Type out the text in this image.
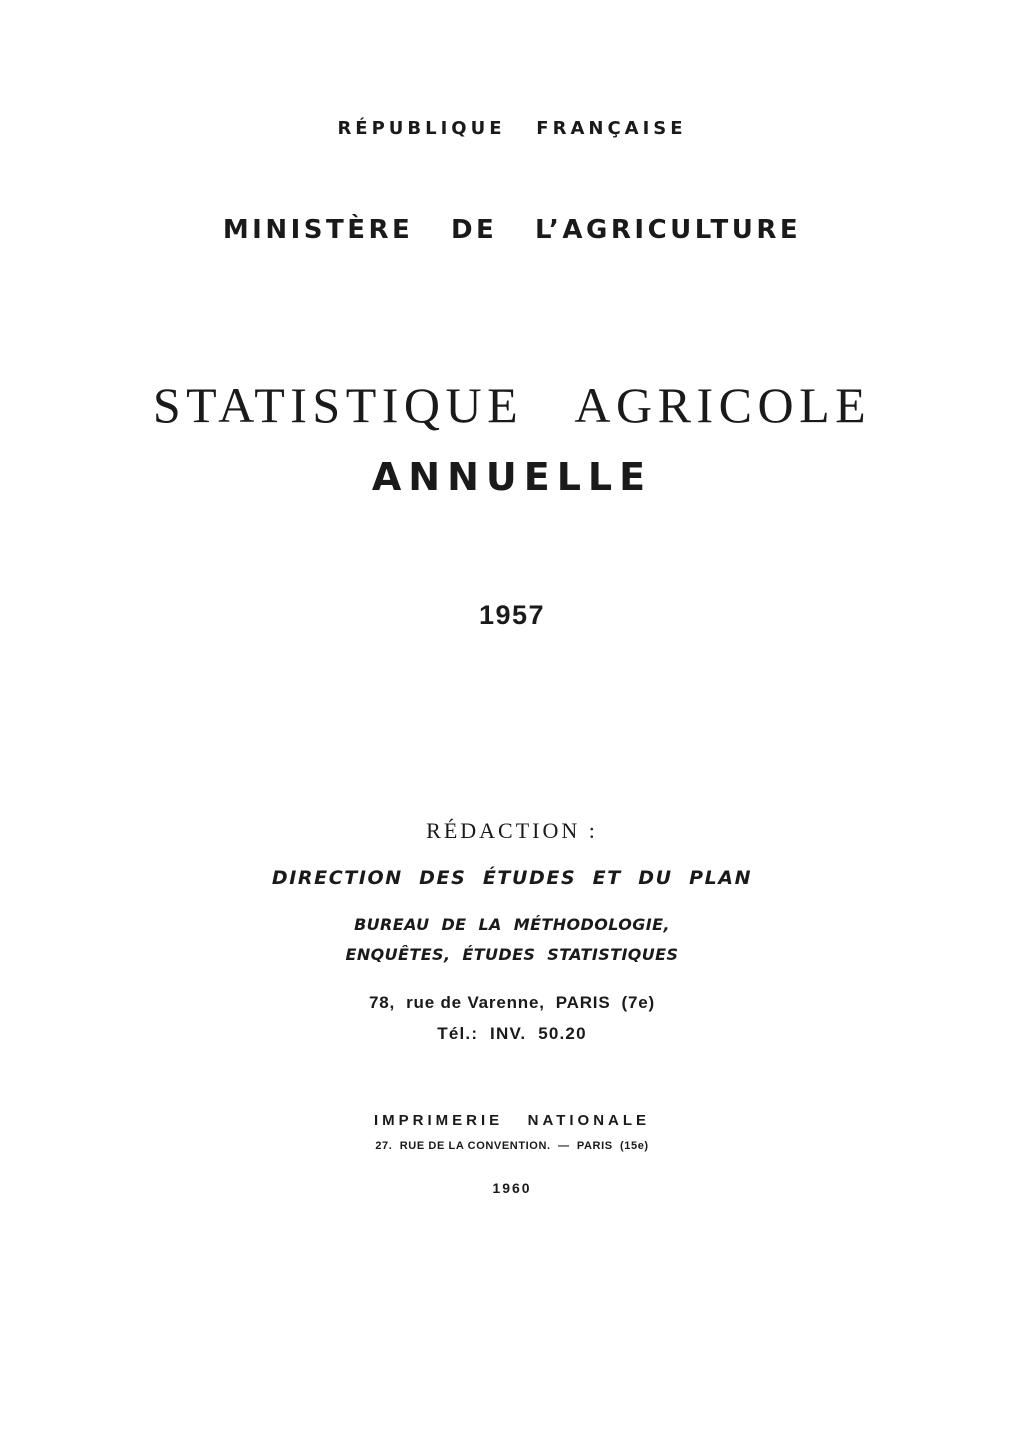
RÉPUBLIQUE   FRANÇAISE
MINISTÈRE   DE   L’AGRICULTURE
STATISTIQUE   AGRICOLE
ANNUELLE
1957
RÉDACTION :
DIRECTION  DES  ÉTUDES  ET  DU  PLAN
BUREAU  DE  LA  MÉTHODOLOGIE,
ENQUÊTES,  ÉTUDES  STATISTIQUES
78,  rue de Varenne,  PARIS  (7e)
Tél.:  INV.  50.20
IMPRIMERIE   NATIONALE
27.  RUE DE LA CONVENTION.  —  PARIS  (15e)
1960
